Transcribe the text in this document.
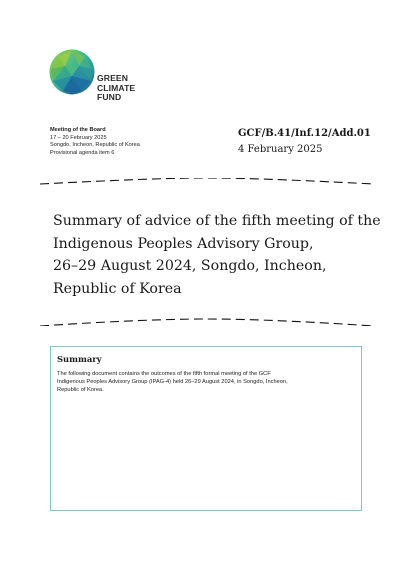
GREEN
CLIMATE
FUND
Meeting of the Board
17 – 20 February 2025
Songdo, Incheon, Republic of Korea
Provisional agenda item 6
GCF/B.41/Inf.12/Add.01
4 February 2025
Summary of advice of the fifth meeting of the
Indigenous Peoples Advisory Group,
26–29 August 2024, Songdo, Incheon,
Republic of Korea
Summary
The following document contains the outcomes of the fifth formal meeting of the GCF
Indigenous Peoples Advisory Group (IPAG-4) held 26–29 August 2024, in Songdo, Incheon,
Republic of Korea.
